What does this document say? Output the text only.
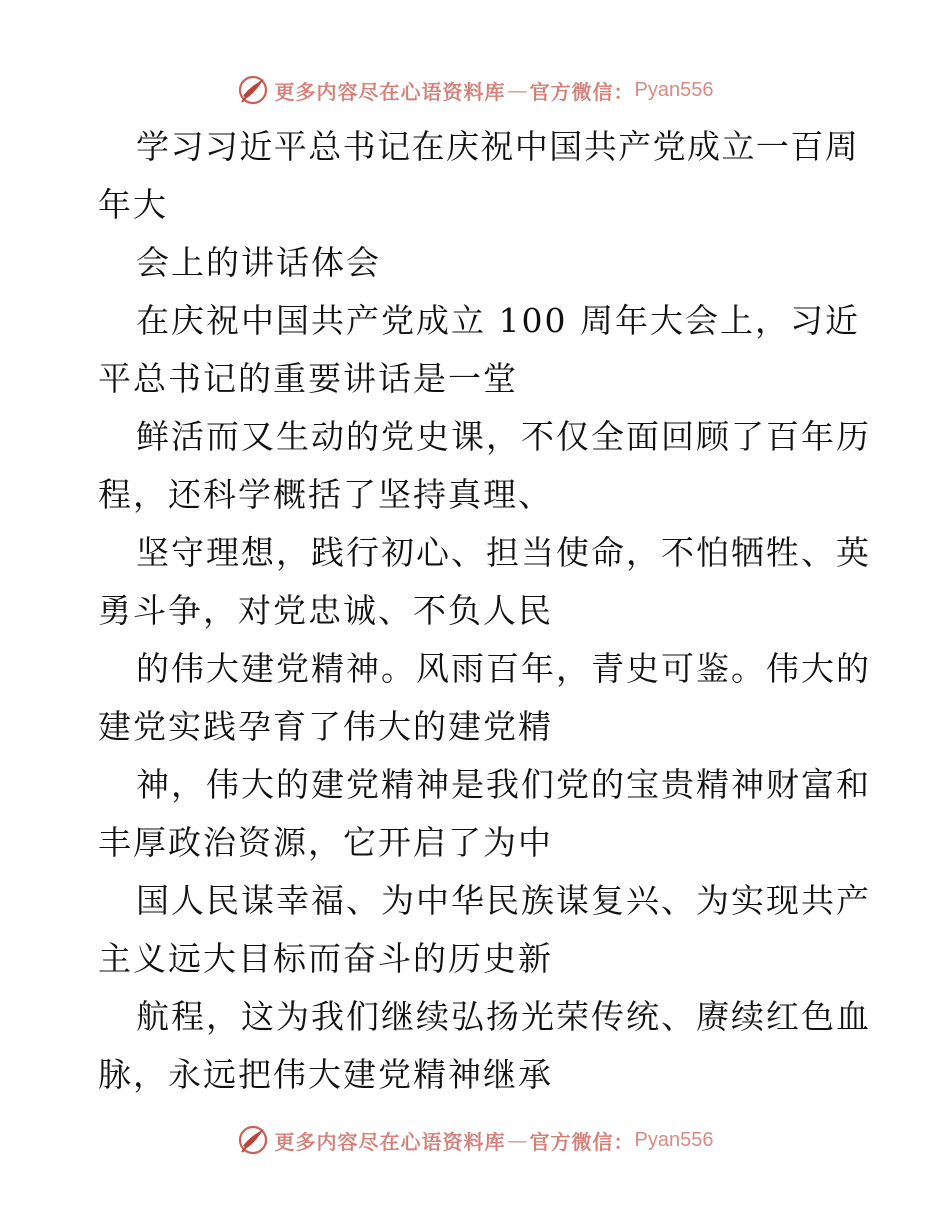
更多内容尽在心语资料库 — 官方微信： Pyan556
学 习 习 近 平 总 书 记 在 庆 祝 中 国 共 产 党 成 立 一 百 周
年大
会上的讲话体会
在庆祝中国共产党成立 100 周年大会上，习近
平总书记的重要讲话是一堂
鲜活而又生动的党史课，不仅全面回顾了百年历
程，还科学概括了坚持真理、
坚守理想，践行初心、担当使命，不怕牺牲、英
勇斗争，对党忠诚、不负人民
的伟大建党精神。风雨百年，青史可鉴。伟大的
建党实践孕育了伟大的建党精
神，伟大的建党精神是我们党的宝贵精神财富和
丰厚政治资源，它开启了为中
国人民谋幸福、为中华民族谋复兴、为实现共产
主义远大目标而奋斗的历史新
航程，这为我们继续弘扬光荣传统、赓续红色血
脉，永远把伟大建党精神继承
更多内容尽在心语资料库 — 官方微信： Pyan556
